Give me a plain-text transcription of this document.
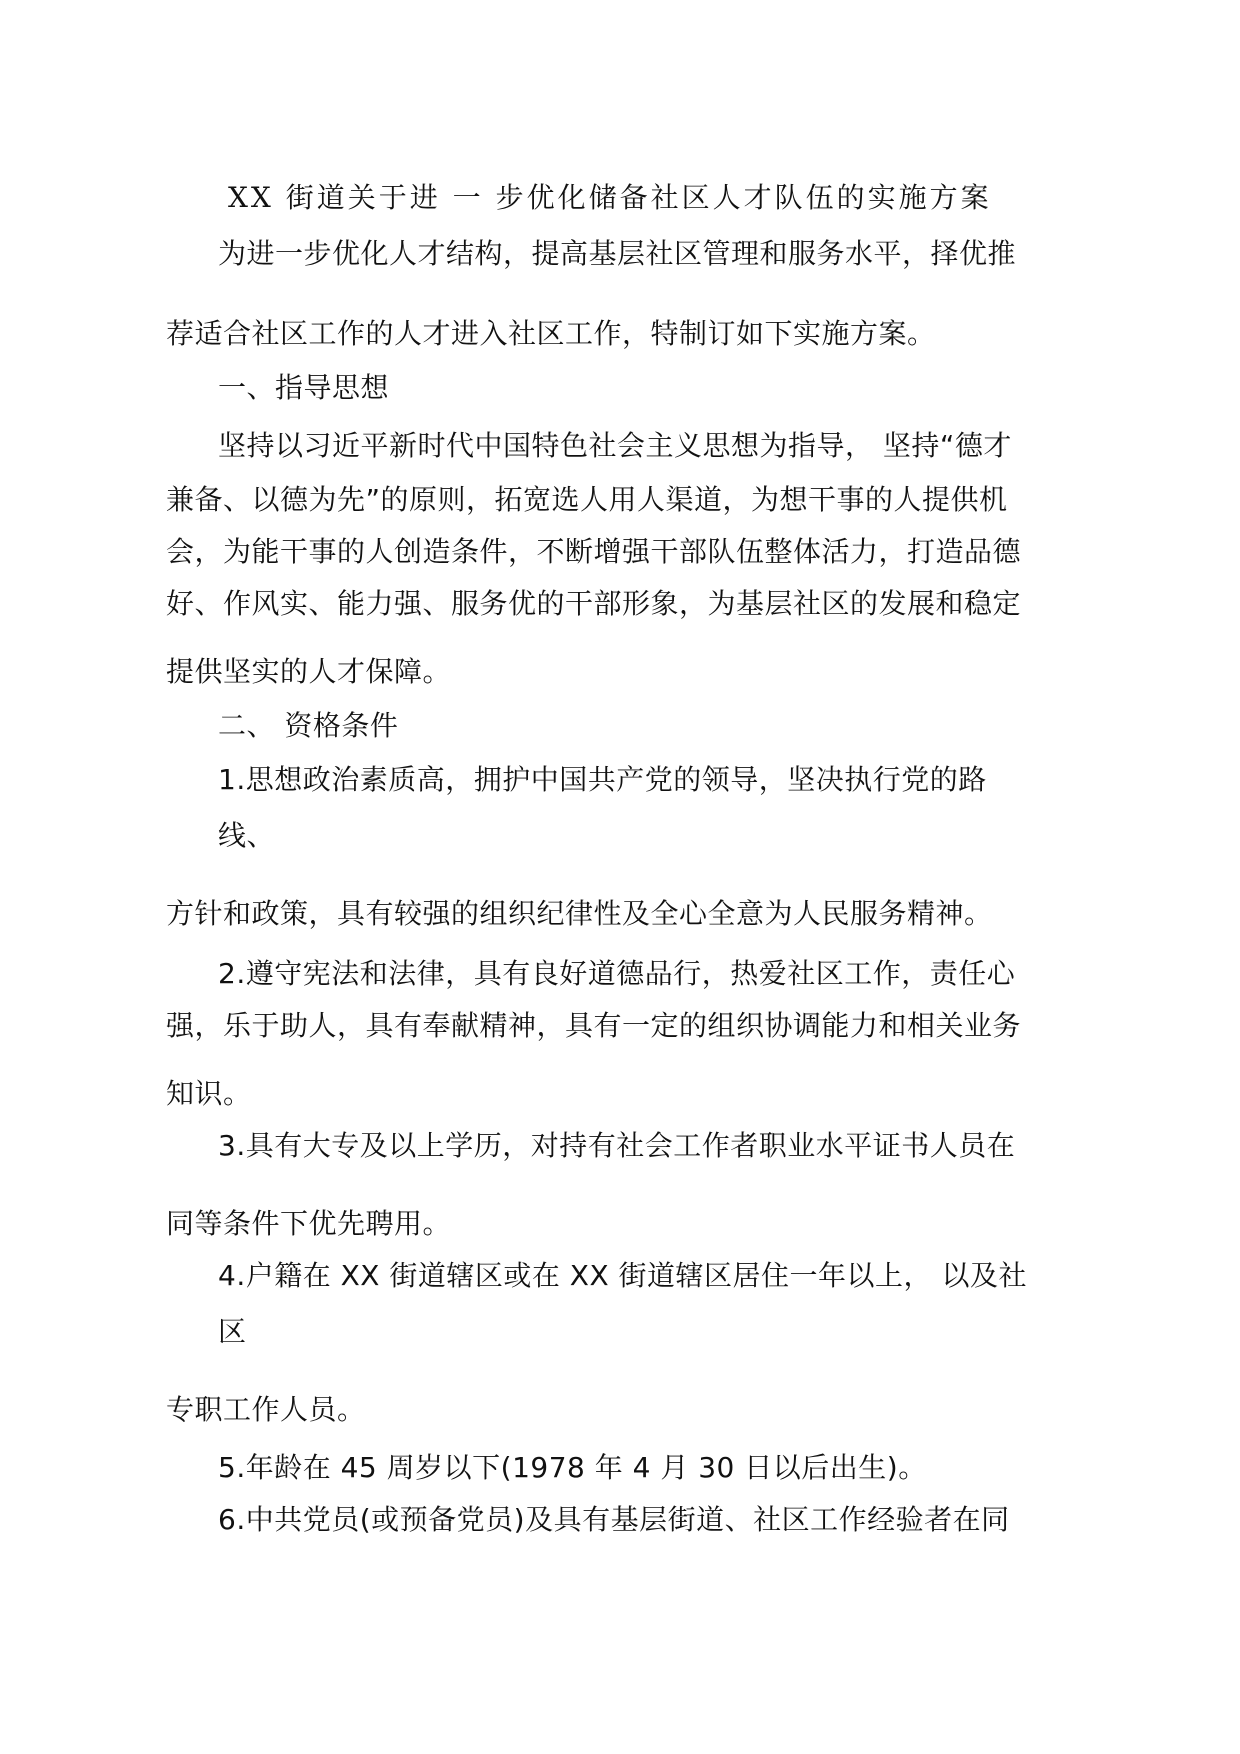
XX 街道关于进 一 步优化储备社区人才队伍的实施方案
为进一步优化人才结构，提高基层社区管理和服务水平，择优推
荐适合社区工作的人才进入社区工作，特制订如下实施方案。
一、指导思想
坚持以习近平新时代中国特色社会主义思想为指导， 坚持“德才
兼备、以德为先”的原则，拓宽选人用人渠道，为想干事的人提供机
会，为能干事的人创造条件，不断增强干部队伍整体活力，打造品德
好、作风实、能力强、服务优的干部形象，为基层社区的发展和稳定
提供坚实的人才保障。
二、 资格条件
1.思想政治素质高，拥护中国共产党的领导，坚决执行党的路
线、
方针和政策，具有较强的组织纪律性及全心全意为人民服务精神。
2.遵守宪法和法律，具有良好道德品行，热爱社区工作，责任心
强，乐于助人，具有奉献精神，具有一定的组织协调能力和相关业务
知识。
3.具有大专及以上学历，对持有社会工作者职业水平证书人员在
同等条件下优先聘用。
4.户籍在 XX 街道辖区或在 XX 街道辖区居住一年以上， 以及社
区
专职工作人员。
5.年龄在 45 周岁以下(1978 年 4 月 30 日以后出生)。
6.中共党员(或预备党员)及具有基层街道、社区工作经验者在同
